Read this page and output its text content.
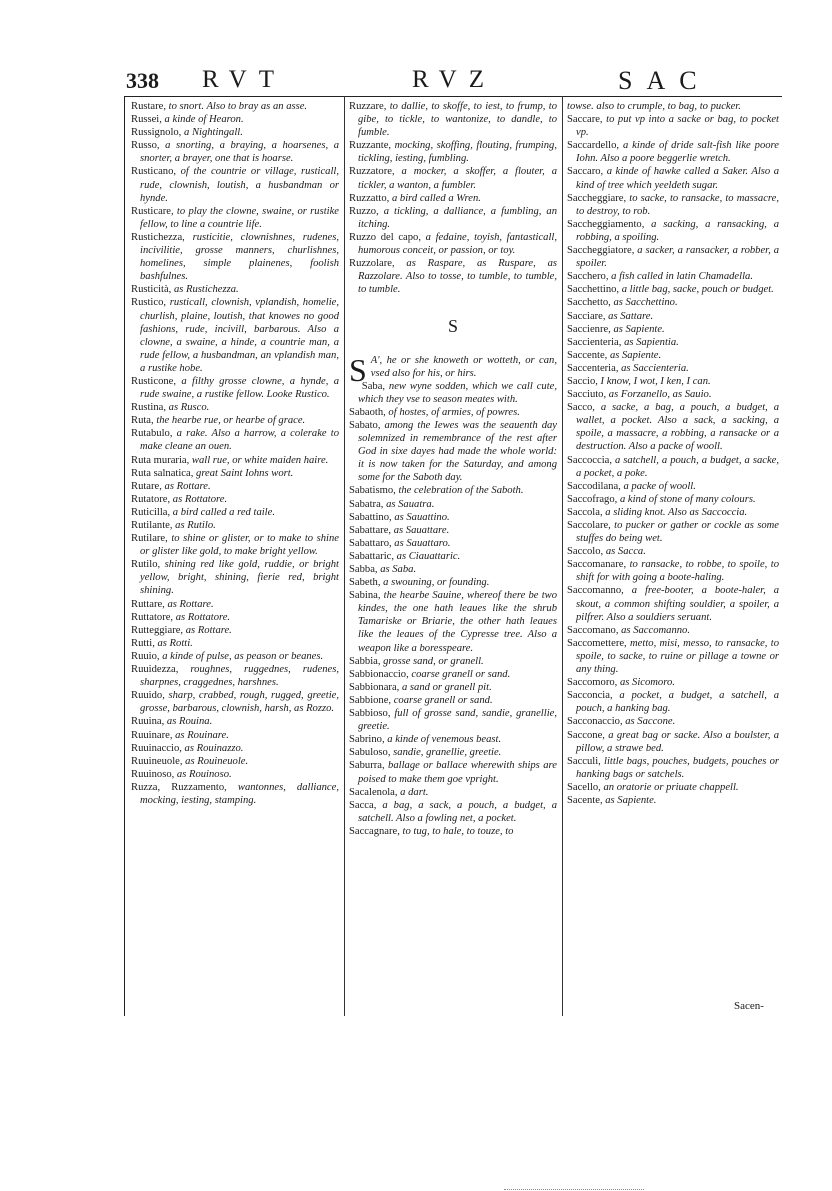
338 RVT	RVZ	SAC

Rustare, to snort. Also to bray as an asse.

Russei, a kinde of Hearon.

Russignolo, a Nightingall.

Russo, a snorting, a braying, a hoarsenes, a snorter, a brayer, one that is hoarse.

Rusticano, of the countrie or village, rusticall, rude, clownish, loutish, a husbandman or hynde.

Rusticare, to play the clowne, swaine, or rustike fellow, to line a countrie life.

Rustichezza, rusticitie, clownishnes, rudenes, incivilitie, grosse manners, churlishnes, homelines, simple plainenes, foolish bashfulnes.

Rusticità, as Rustichezza.

Rustico, rusticall, clownish, vplandish, homelie, churlish, plaine, loutish, that knowes no good fashions, rude, incivill, barbarous. Also a clowne, a swaine, a hinde, a countrie man, a rude fellow, a husbandman, an vplandish man, a rustike hobe.

Rusticone, a filthy grosse clowne, a hynde, a rude swaine, a rustike fellow. Looke Rustico.

Rustina, as Rusco.

Ruta, the hearbe rue, or hearbe of grace.

Rutabulo, a rake. Also a harrow, a colerake to make cleane an ouen.

Ruta muraria, wall rue, or white maiden haire.

Ruta salnatica, great Saint Iohns wort.

Rutare, as Rottare.

Rutatore, as Rottatore.

Ruticilla, a bird called a red taile.

Rutilante, as Rutilo.

Rutilare, to shine or glister, or to make to shine or glister like gold, to make bright yellow.

Rutilo, shining red like gold, ruddie, or bright yellow, bright, shining, fierie red, bright shining.

Ruttare, as Rottare.

Ruttatore, as Rottatore.

Rutteggiare, as Rottare.

Rutti, as Rotti.

Ruuio, a kinde of pulse, as peason or beanes.

Ruuidezza, roughnes, ruggednes, rudenes, sharpnes, craggednes, harshnes.

Ruuido, sharp, crabbed, rough, rugged, greetie, grosse, barbarous, clownish, harsh, as Rozzo.

Ruuina, as Rouina.

Ruuinare, as Rouinare.

Ruuinaccio, as Rouinazzo.

Ruuineuole, as Rouineuole.

Ruuinoso, as Rouinoso.

Ruzza, Ruzzamento, wantonnes, dalliance, mocking, iesting, stamping.

Ruzzare, to dallie, to skoffe, to iest, to frump, to gibe, to tickle, to wantonize, to dandle, to fumble.

Ruzzante, mocking, skoffing, flouting, frumping, tickling, iesting, fumbling.

Ruzzatore, a mocker, a skoffer, a flouter, a tickler, a wanton, a fumbler.

Ruzzatto, a bird called a Wren.

Ruzzo, a tickling, a dalliance, a fumbling, an itching.

Ruzzo del capo, a fedaine, toyish, fantasticall, humorous conceit, or passion, or toy.

Ruzzolare, as Raspare, as Ruspare, as Razzolare. Also to tosse, to tumble, to tumble, to tumble.

S

S A', he or she knoweth or wotteth, or can, vsed also for his, or hirs.

Saba, new wyne sodden, which we call cute, which they vse to season meates with.

Sabaoth, of hostes, of armies, of powres.

Sabato, among the Iewes was the seauenth day solemnized in remembrance of the rest after God in sixe dayes had made the whole world: it is now taken for the Saturday, and among some for the Saboth day.

Sabatismo, the celebration of the Saboth.

Sabatra, as Sauatra.

Sabattino, as Sauattino.

Sabattare, as Sauattare.

Sabattaro, as Sauattaro.

Sabattaric, as Ciauattaric.

Sabba, as Saba.

Sabeth, a swouning, or founding.

Sabina, the hearbe Sauine, whereof there be two kindes, the one hath leaues like the shrub Tamariske or Briarie, the other hath leaues like the leaues of the Cypresse tree. Also a weapon like a boresspeare.

Sabbia, grosse sand, or granell.

Sabbionaccio, coarse granell or sand.

Sabbionara, a sand or granell pit.

Sabbione, coarse granell or sand.

Sabbioso, full of grosse sand, sandie, granellie, greetie.

Sabrino, a kinde of venemous beast.

Sabuloso, sandie, granellie, greetie.

Saburra, ballage or ballace wherewith ships are poised to make them goe vpright.

Sacalenola, a dart.

Sacca, a bag, a sack, a pouch, a budget, a satchell. Also a fowling net, a pocket.

Saccagnare, to tug, to hale, to touze, to

towse. also to crumple, to bag, to pucker.

Saccare, to put vp into a sacke or bag, to pocket vp.

Saccardello, a kinde of dride salt-fish like poore Iohn. Also a poore beggerlie wretch.

Saccaro, a kinde of hawke called a Saker. Also a kind of tree which yeeldeth sugar.

Saccheggiare, to sacke, to ransacke, to massacre, to destroy, to rob.

Saccheggiamento, a sacking, a ransacking, a robbing, a spoiling.

Saccheggiatore, a sacker, a ransacker, a robber, a spoiler.

Sacchero, a fish called in latin Chamadella.

Sacchettino, a little bag, sacke, pouch or budget.

Sacchetto, as Sacchettino.

Sacciare, as Sattare.

Saccienre, as Sapiente.

Saccienteria, as Sapientia.

Saccente, as Sapiente.

Saccenteria, as Saccienteria.

Saccio, I know, I wot, I ken, I can.

Sacciuto, as Forzanello, as Sauio.

Sacco, a sacke, a bag, a pouch, a budget, a wallet, a pocket. Also a sack, a sacking, a spoile, a massacre, a robbing, a ransacke or a destruction. Also a packe of wooll.

Saccoccia, a satchell, a pouch, a budget, a sacke, a pocket, a poke.

Saccodilana, a packe of wooll.

Saccofrago, a kind of stone of many colours.

Saccola, a sliding knot. Also as Saccoccia.

Saccolare, to pucker or gather or cockle as some stuffes do being wet.

Saccolo, as Sacca.

Saccomanare, to ransacke, to robbe, to spoile, to shift for with going a boote-haling.

Saccomanno, a free-booter, a boote-haler, a skout, a common shifting souldier, a spoiler, a pilfrer. Also a souldiers seruant.

Saccomano, as Saccomanno.

Saccomettere, metto, misi, messo, to ransacke, to spoile, to sacke, to ruine or pillage a towne or any thing.

Saccomoro, as Sicomoro.

Sacconcia, a pocket, a budget, a satchell, a pouch, a hanking bag.

Sacconaccio, as Saccone.

Saccone, a great bag or sacke. Also a boulster, a pillow, a strawe bed.

Sacculi, little bags, pouches, budgets, pouches or hanking bags or satchels.

Sacello, an oratorie or priuate chappell.

Sacente, as Sapiente.

Sacen-
